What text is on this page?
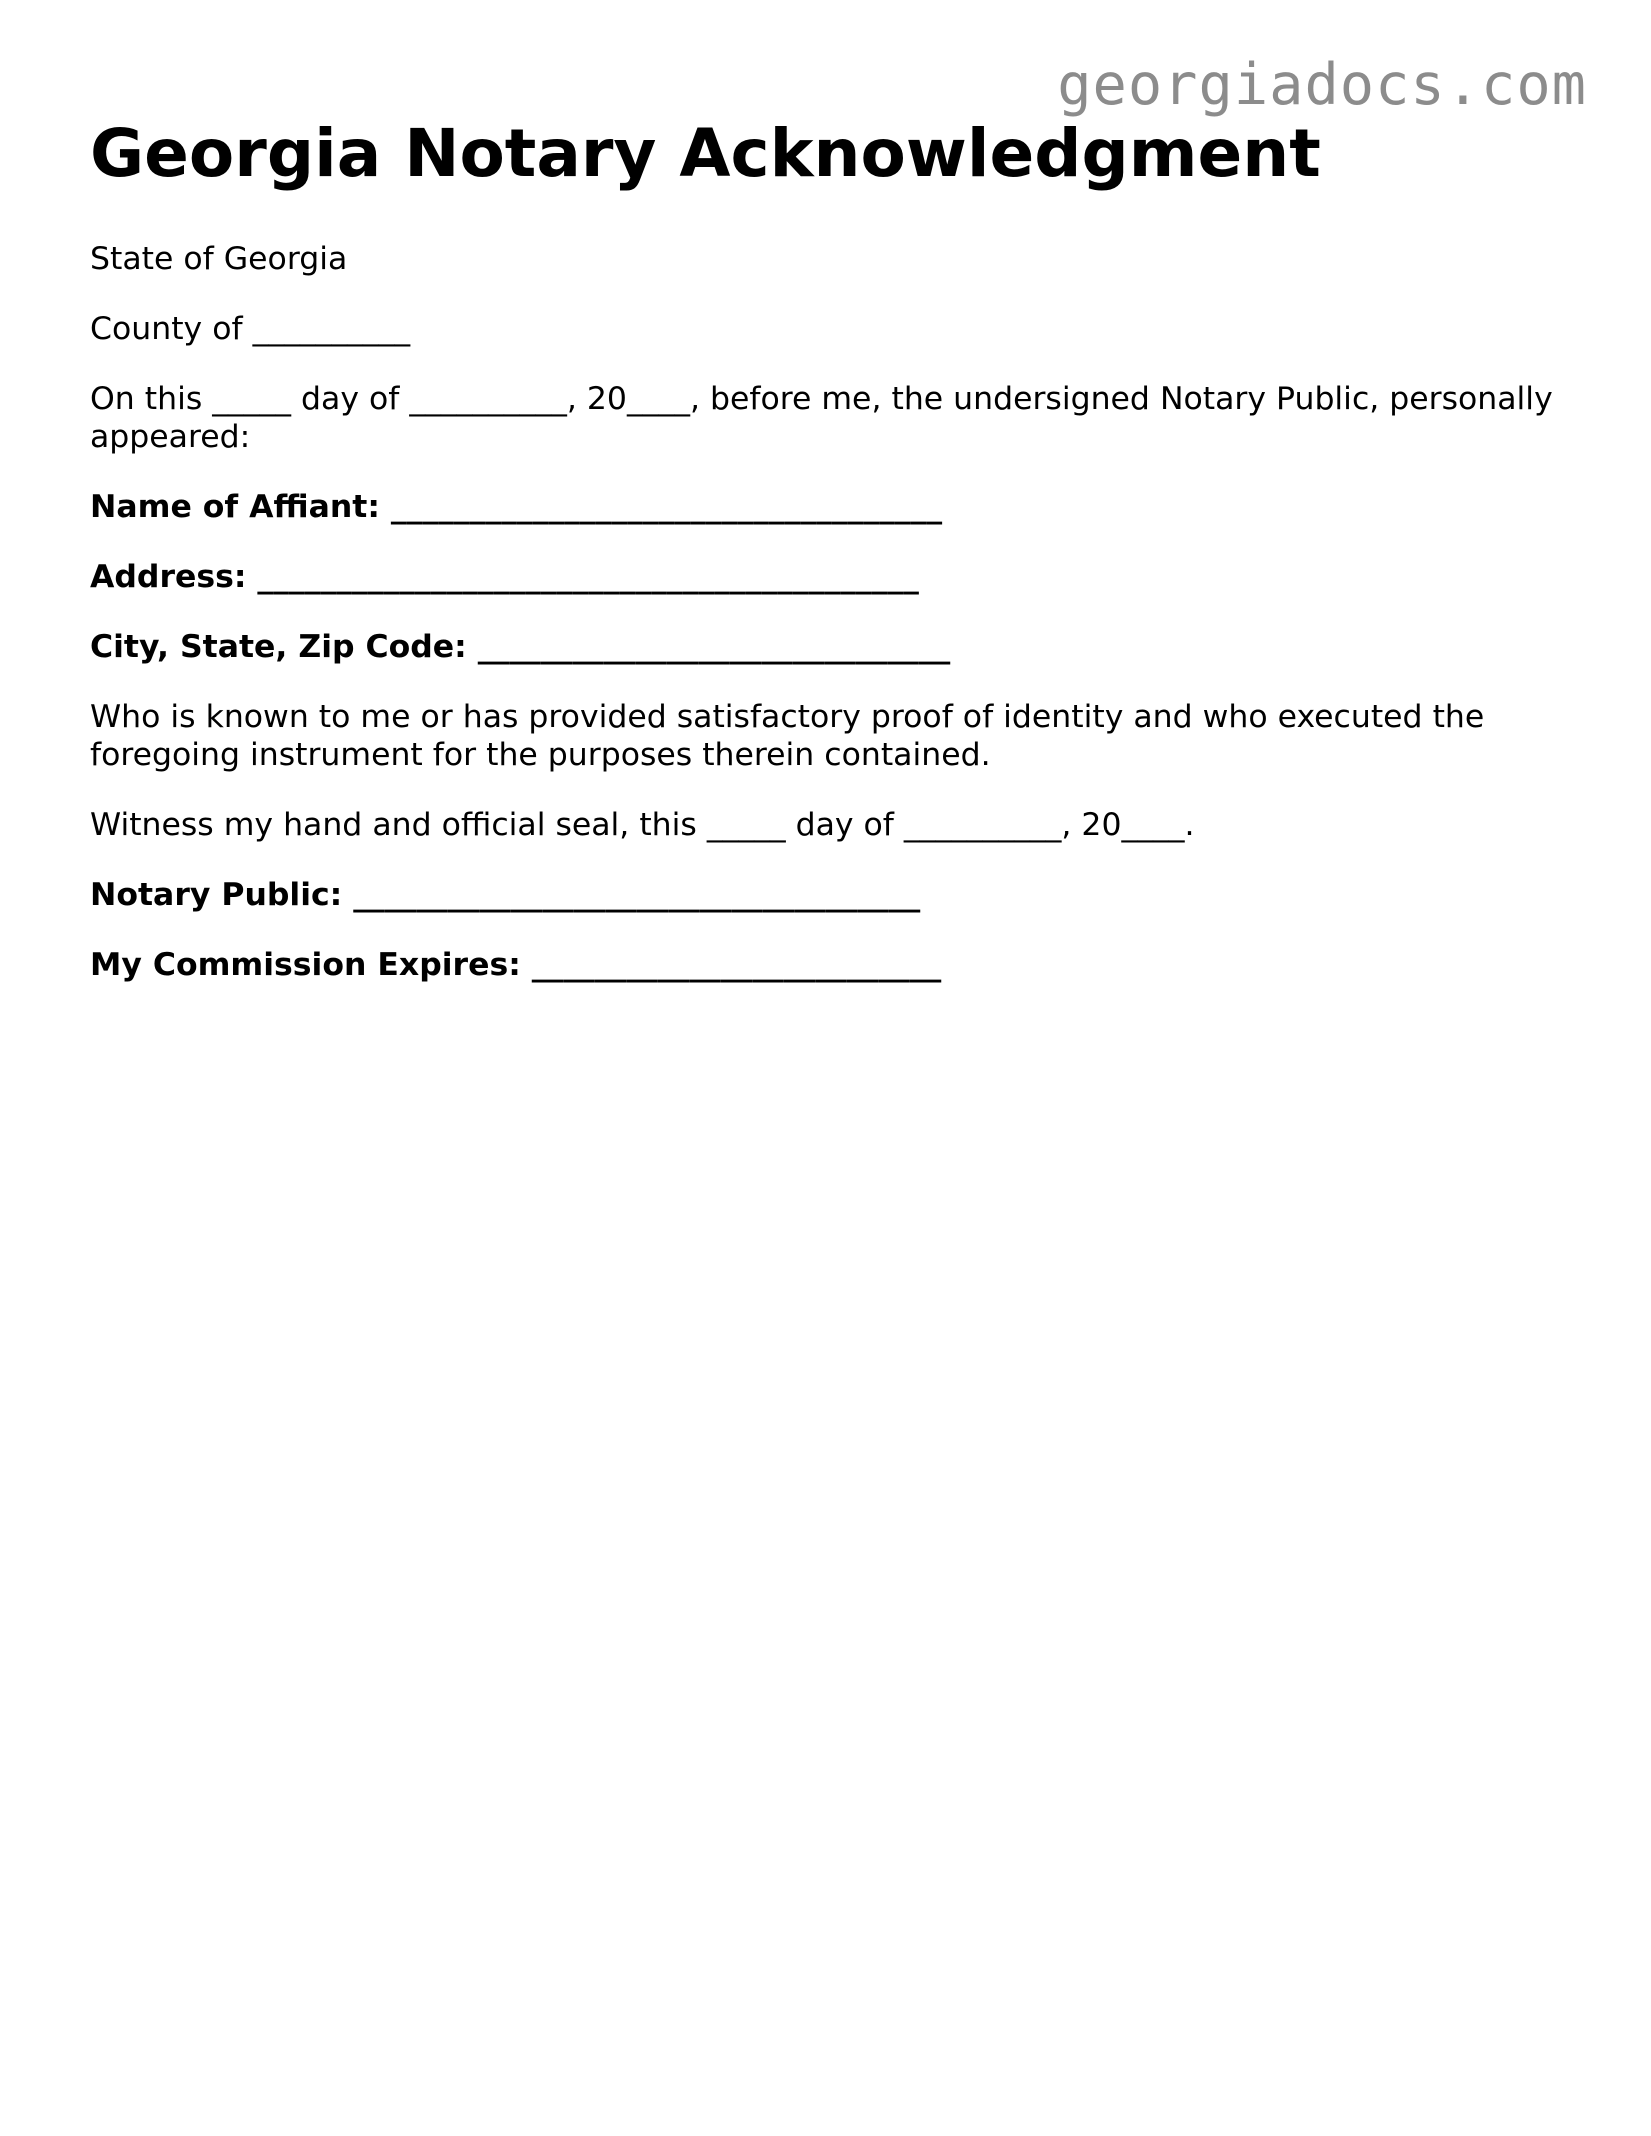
georgiadocs.com
Georgia Notary Acknowledgment

State of Georgia

County of __________

On this _____ day of __________, 20____, before me, the undersigned Notary Public, personally appeared:

Name of Affiant: ___________________________________

Address: __________________________________________

City, State, Zip Code: ______________________________

Who is known to me or has provided satisfactory proof of identity and who executed the foregoing instrument for the purposes therein contained.

Witness my hand and official seal, this _____ day of __________, 20____.

Notary Public: ____________________________________

My Commission Expires: __________________________
